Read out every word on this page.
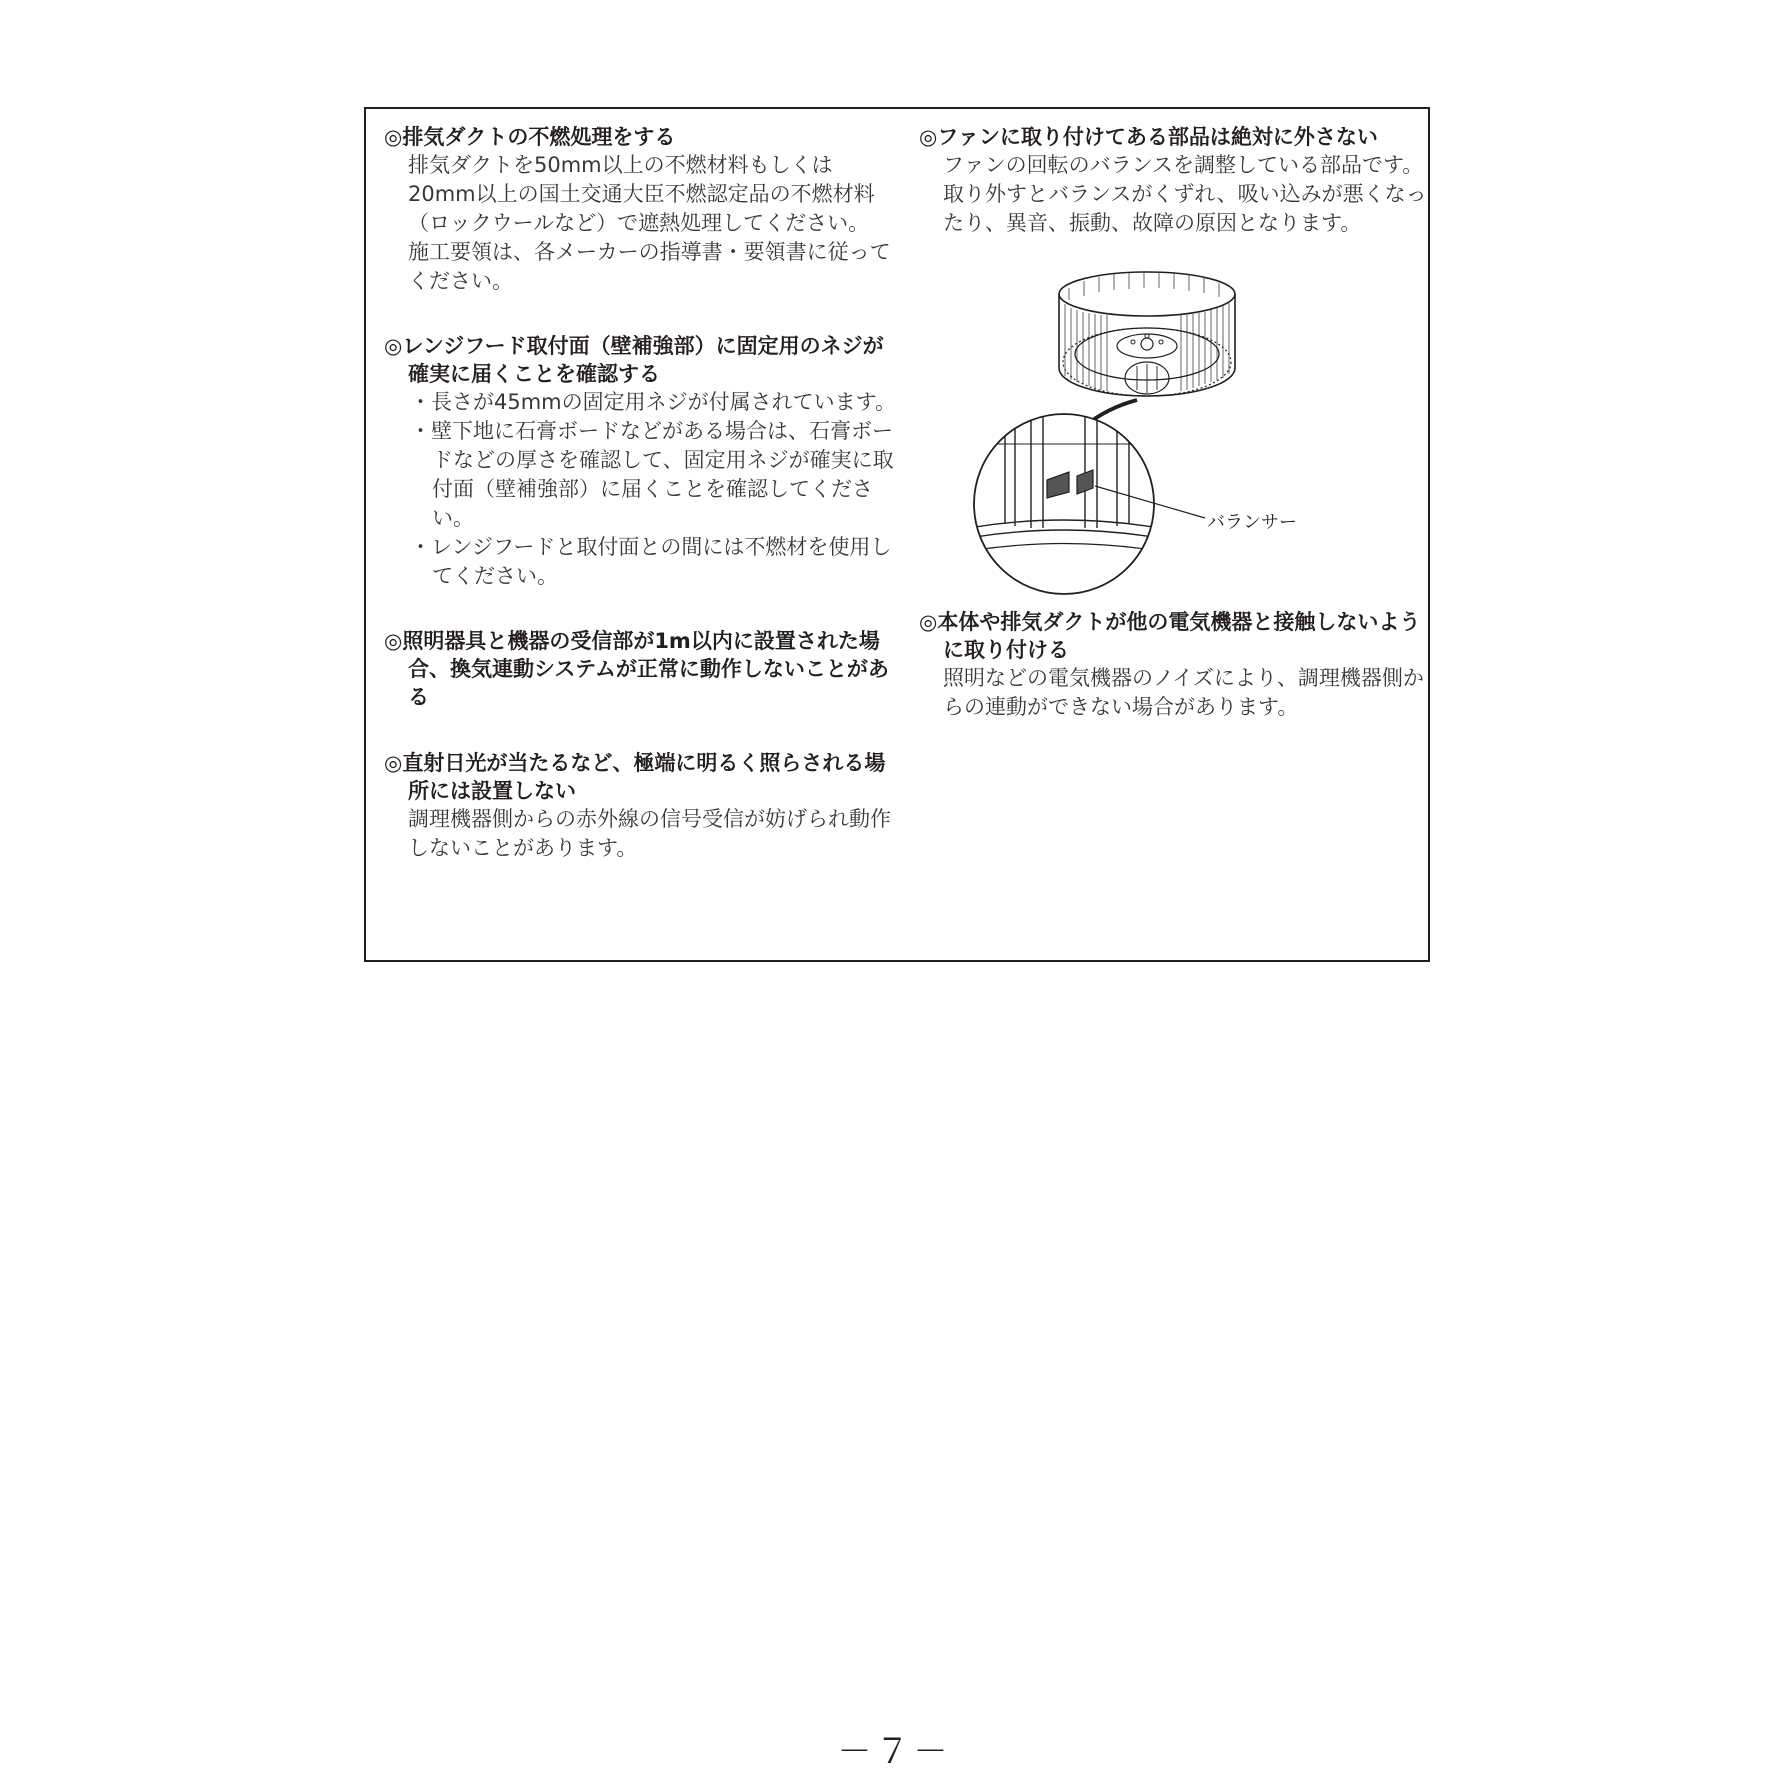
◎排気ダクトの不燃処理をする

排気ダクトを50mm以上の不燃材料もしくは20mm以上の国土交通大臣不燃認定品の不燃材料（ロックウールなど）で遮熱処理してください。

施工要領は、各メーカーの指導書・要領書に従ってください。

◎レンジフード取付面（壁補強部）に固定用のネジが確実に届くことを確認する

・長さが45mmの固定用ネジが付属されています。
・壁下地に石膏ボードなどがある場合は、石膏ボードなどの厚さを確認して、固定用ネジが確実に取付面（壁補強部）に届くことを確認してください。
・レンジフードと取付面との間には不燃材を使用してください。

◎照明器具と機器の受信部が1m以内に設置された場合、換気連動システムが正常に動作しないことがある

◎直射日光が当たるなど、極端に明るく照らされる場所には設置しない

調理機器側からの赤外線の信号受信が妨げられ動作しないことがあります。

◎ファンに取り付けてある部品は絶対に外さない

ファンの回転のバランスを調整している部品です。

取り外すとバランスがくずれ、吸い込みが悪くなったり、異音、振動、故障の原因となります。

バランサー

◎本体や排気ダクトが他の電気機器と接触しないように取り付ける

照明などの電気機器のノイズにより、調理機器側からの連動ができない場合があります。

－７－
